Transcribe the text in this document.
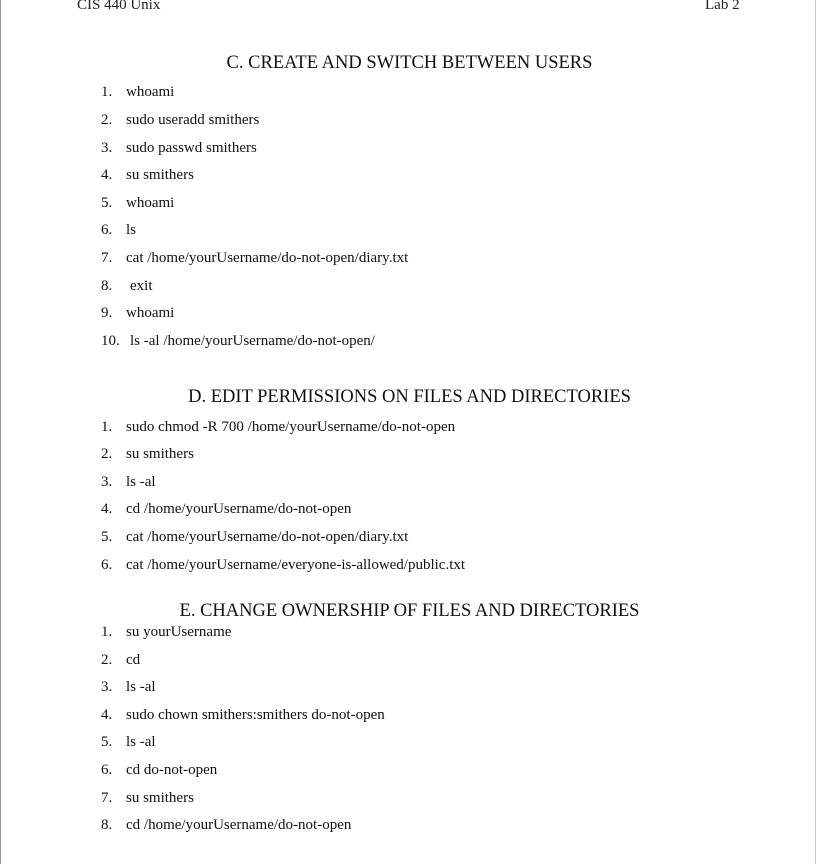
CIS 440 Unix	Lab 2
C. CREATE AND SWITCH BETWEEN USERS
1. whoami
2. sudo useradd smithers
3. sudo passwd smithers
4. su smithers
5. whoami
6. ls
7. cat /home/yourUsername/do-not-open/diary.txt
8. exit
9. whoami
10. ls -al /home/yourUsername/do-not-open/
D. EDIT PERMISSIONS ON FILES AND DIRECTORIES
1. sudo chmod -R 700 /home/yourUsername/do-not-open
2. su smithers
3. ls -al
4. cd /home/yourUsername/do-not-open
5. cat /home/yourUsername/do-not-open/diary.txt
6. cat /home/yourUsername/everyone-is-allowed/public.txt
E. CHANGE OWNERSHIP OF FILES AND DIRECTORIES
1. su yourUsername
2. cd
3. ls -al
4. sudo chown smithers:smithers do-not-open
5. ls -al
6. cd do-not-open
7. su smithers
8. cd /home/yourUsername/do-not-open
